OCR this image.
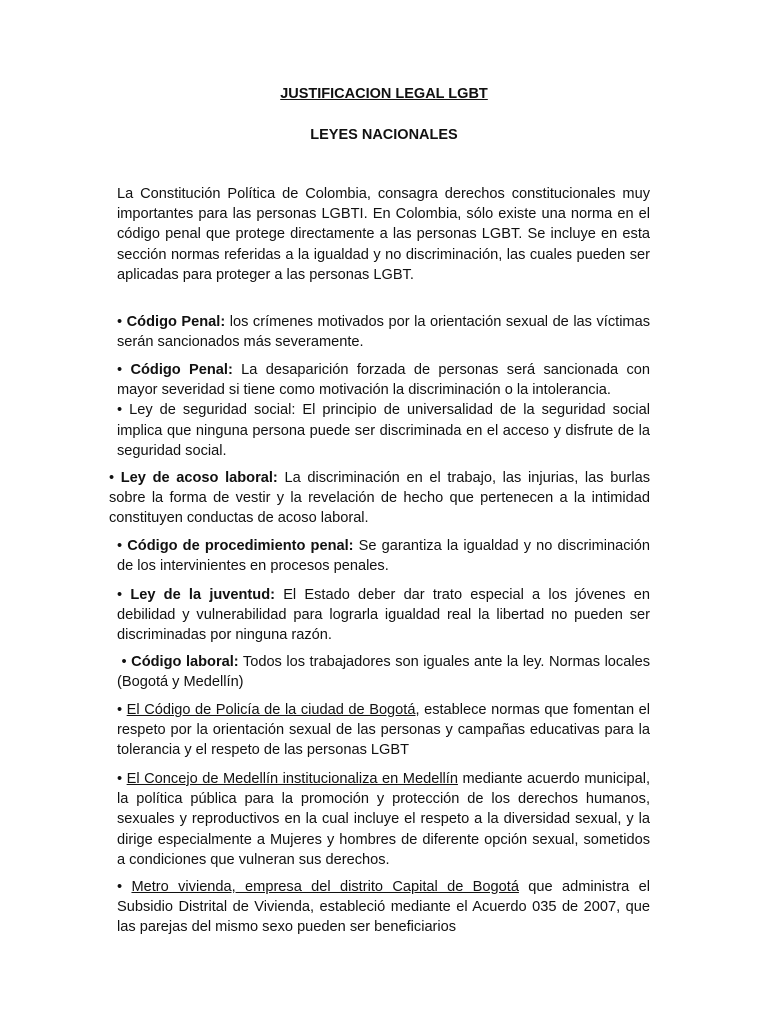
JUSTIFICACION LEGAL LGBT

LEYES NACIONALES

La Constitución Política de Colombia, consagra derechos constitucionales muy importantes para las personas LGBTI. En Colombia, sólo existe una norma en el código penal que protege directamente a las personas LGBT. Se incluye en esta sección normas referidas a la igualdad y no discriminación, las cuales pueden ser aplicadas para proteger a las personas LGBT.

• Código Penal: los crímenes motivados por la orientación sexual de las víctimas serán sancionados más severamente.

• Código Penal: La desaparición forzada de personas será sancionada con mayor severidad si tiene como motivación la discriminación o la intolerancia.
• Ley de seguridad social: El principio de universalidad de la seguridad social implica que ninguna persona puede ser discriminada en el acceso y disfrute de la seguridad social.

• Ley de acoso laboral: La discriminación en el trabajo, las injurias, las burlas sobre la forma de vestir y la revelación de hecho que pertenecen a la intimidad constituyen conductas de acoso laboral.

• Código de procedimiento penal: Se garantiza la igualdad y no discriminación de los intervinientes en procesos penales.

• Ley de la juventud: El Estado deber dar trato especial a los jóvenes en debilidad y vulnerabilidad para lograrla igualdad real la libertad no pueden ser discriminadas por ninguna razón.

• Código laboral: Todos los trabajadores son iguales ante la ley. Normas locales (Bogotá y Medellín)

• El Código de Policía de la ciudad de Bogotá, establece normas que fomentan el respeto por la orientación sexual de las personas y campañas educativas para la tolerancia y el respeto de las personas LGBT

• El Concejo de Medellín institucionaliza en Medellín mediante acuerdo municipal, la política pública para la promoción y protección de los derechos humanos, sexuales y reproductivos en la cual incluye el respeto a la diversidad sexual, y la dirige especialmente a Mujeres y hombres de diferente opción sexual, sometidos a condiciones que vulneran sus derechos.

• Metro vivienda, empresa del distrito Capital de Bogotá que administra el Subsidio Distrital de Vivienda, estableció mediante el Acuerdo 035 de 2007, que las parejas del mismo sexo pueden ser beneficiarios
